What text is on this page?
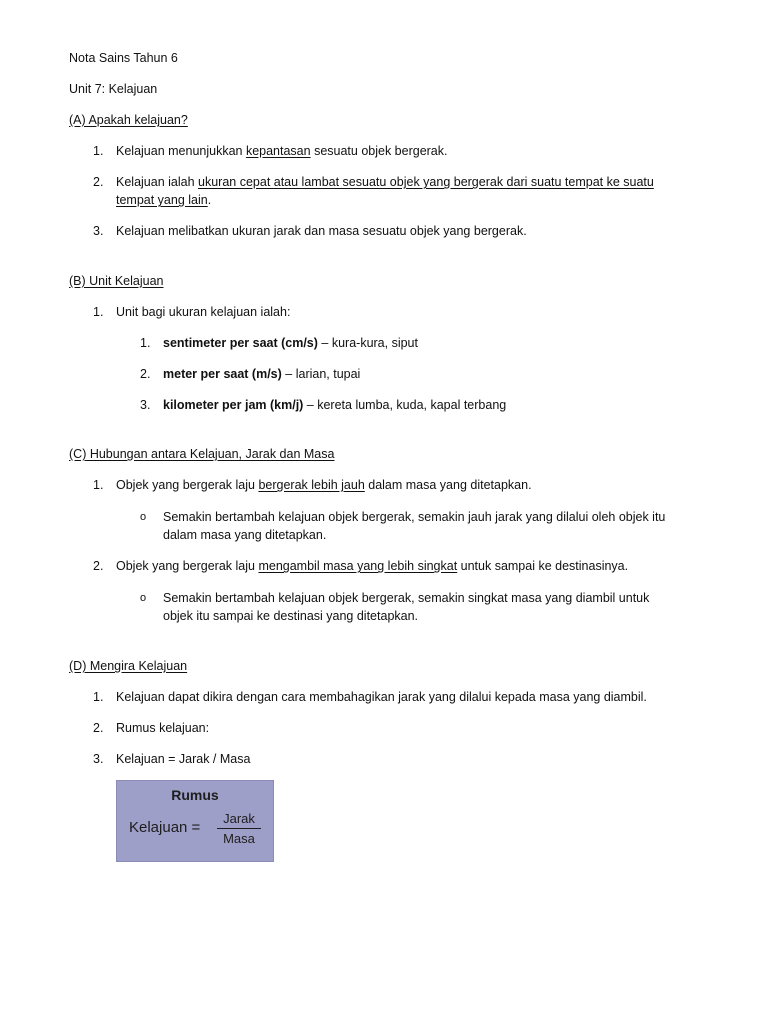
Nota Sains Tahun 6
Unit 7: Kelajuan
(A) Apakah kelajuan?
1.	Kelajuan menunjukkan kepantasan sesuatu objek bergerak.
2.	Kelajuan ialah ukuran cepat atau lambat sesuatu objek yang bergerak dari suatu tempat ke suatu
tempat yang lain.
3.	Kelajuan melibatkan ukuran jarak dan masa sesuatu objek yang bergerak.
(B) Unit Kelajuan
1.	Unit bagi ukuran kelajuan ialah:
1.	sentimeter per saat (cm/s) – kura-kura, siput
2.	meter per saat (m/s) – larian, tupai
3.	kilometer per jam (km/j) – kereta lumba, kuda, kapal terbang
(C) Hubungan antara Kelajuan, Jarak dan Masa
1.	Objek yang bergerak laju bergerak lebih jauh dalam masa yang ditetapkan.
o Semakin bertambah kelajuan objek bergerak, semakin jauh jarak yang dilalui oleh objek itu
dalam masa yang ditetapkan.
2.	Objek yang bergerak laju mengambil masa yang lebih singkat untuk sampai ke destinasinya.
o Semakin bertambah kelajuan objek bergerak, semakin singkat masa yang diambil untuk
objek itu sampai ke destinasi yang ditetapkan.
(D) Mengira Kelajuan
1.	Kelajuan dapat dikira dengan cara membahagikan jarak yang dilalui kepada masa yang diambil.
2.	Rumus kelajuan:
3.	Kelajuan = Jarak / Masa
Rumus
Kelajuan =
Jarak
Masa
